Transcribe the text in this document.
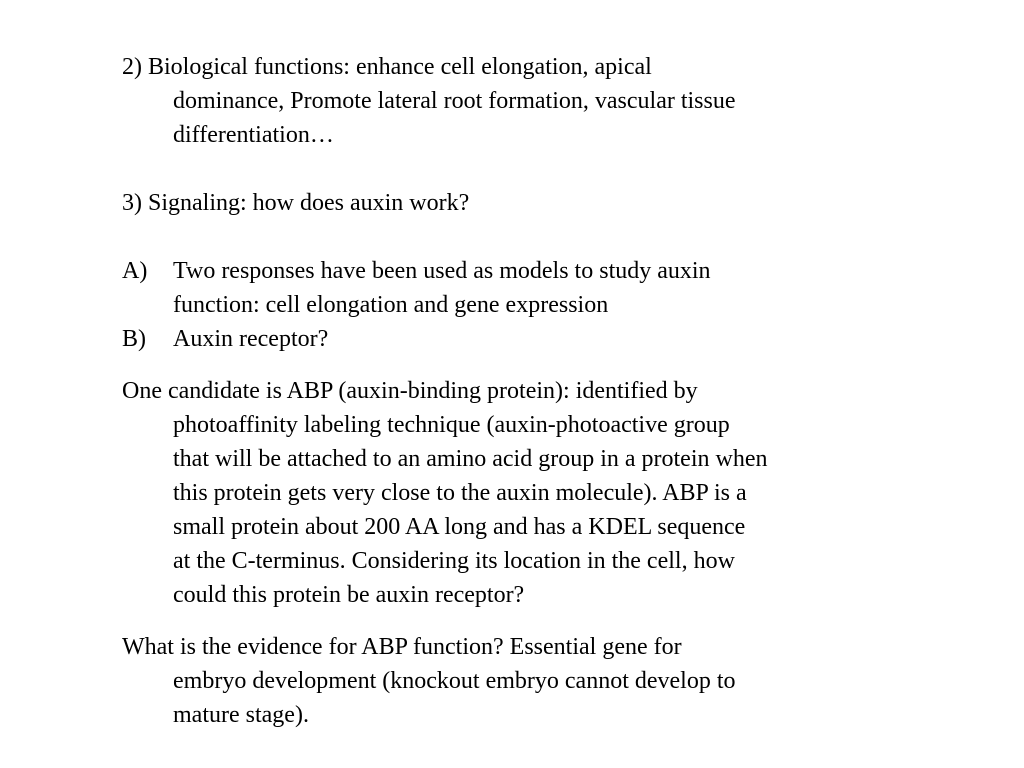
2) Biological functions: enhance cell elongation, apical
dominance, Promote lateral root formation, vascular tissue
differentiation…
3) Signaling: how does auxin work?
A) Two responses have been used as models to study auxin
function: cell elongation and gene expression
B) Auxin receptor?
One candidate is ABP (auxin-binding protein): identified by
photoaffinity labeling technique (auxin-photoactive group
that will be attached to an amino acid group in a protein when
this protein gets very close to the auxin molecule). ABP is a
small protein about 200 AA long and has a KDEL sequence
at the C-terminus. Considering its location in the cell, how
could this protein be auxin receptor?
What is the evidence for ABP function? Essential gene for
embryo development (knockout embryo cannot develop to
mature stage).
